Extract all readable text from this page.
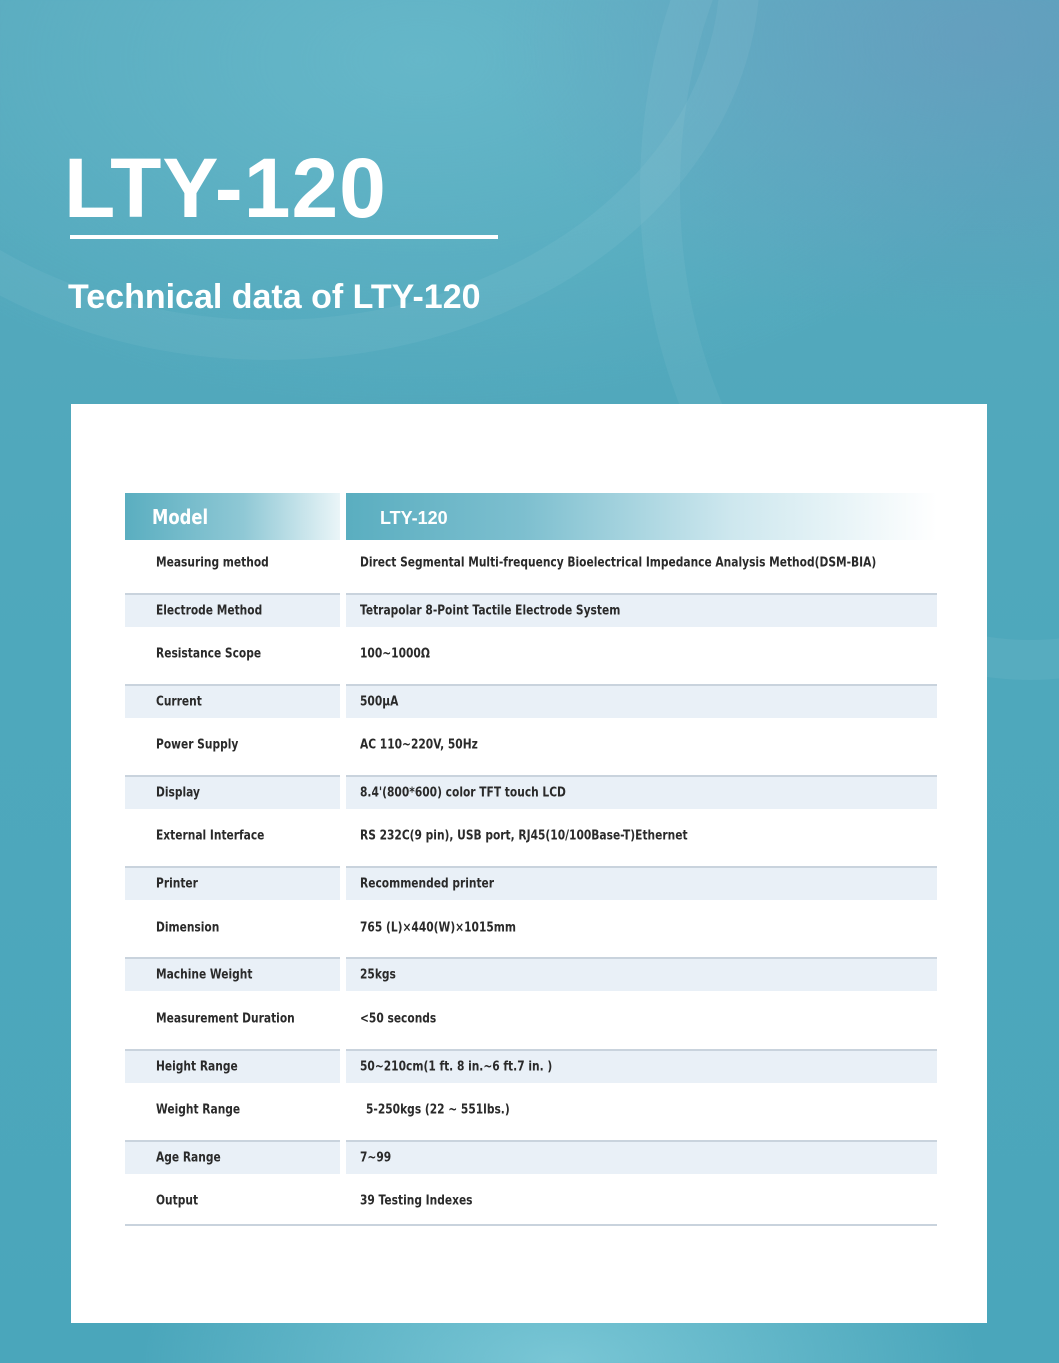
LTY-120
Technical data of LTY-120
Model	LTY-120
Measuring method	Direct Segmental Multi-frequency Bioelectrical Impedance Analysis Method(DSM-BIA)
Electrode Method	Tetrapolar 8-Point Tactile Electrode System
Resistance Scope	100~1000Ω
Current	500μA
Power Supply	AC 110~220V, 50Hz
Display	8.4'(800*600) color TFT touch LCD
External Interface	RS 232C(9 pin), USB port, RJ45(10/100Base-T)Ethernet
Printer	Recommended printer
Dimension	765 (L)×440(W)×1015mm
Machine Weight	25kgs
Measurement Duration	<50 seconds
Height Range	50~210cm(1 ft. 8 in.~6 ft.7 in. )
Weight Range	5-250kgs (22 ~ 551lbs.)
Age Range	7~99
Output	39 Testing Indexes
